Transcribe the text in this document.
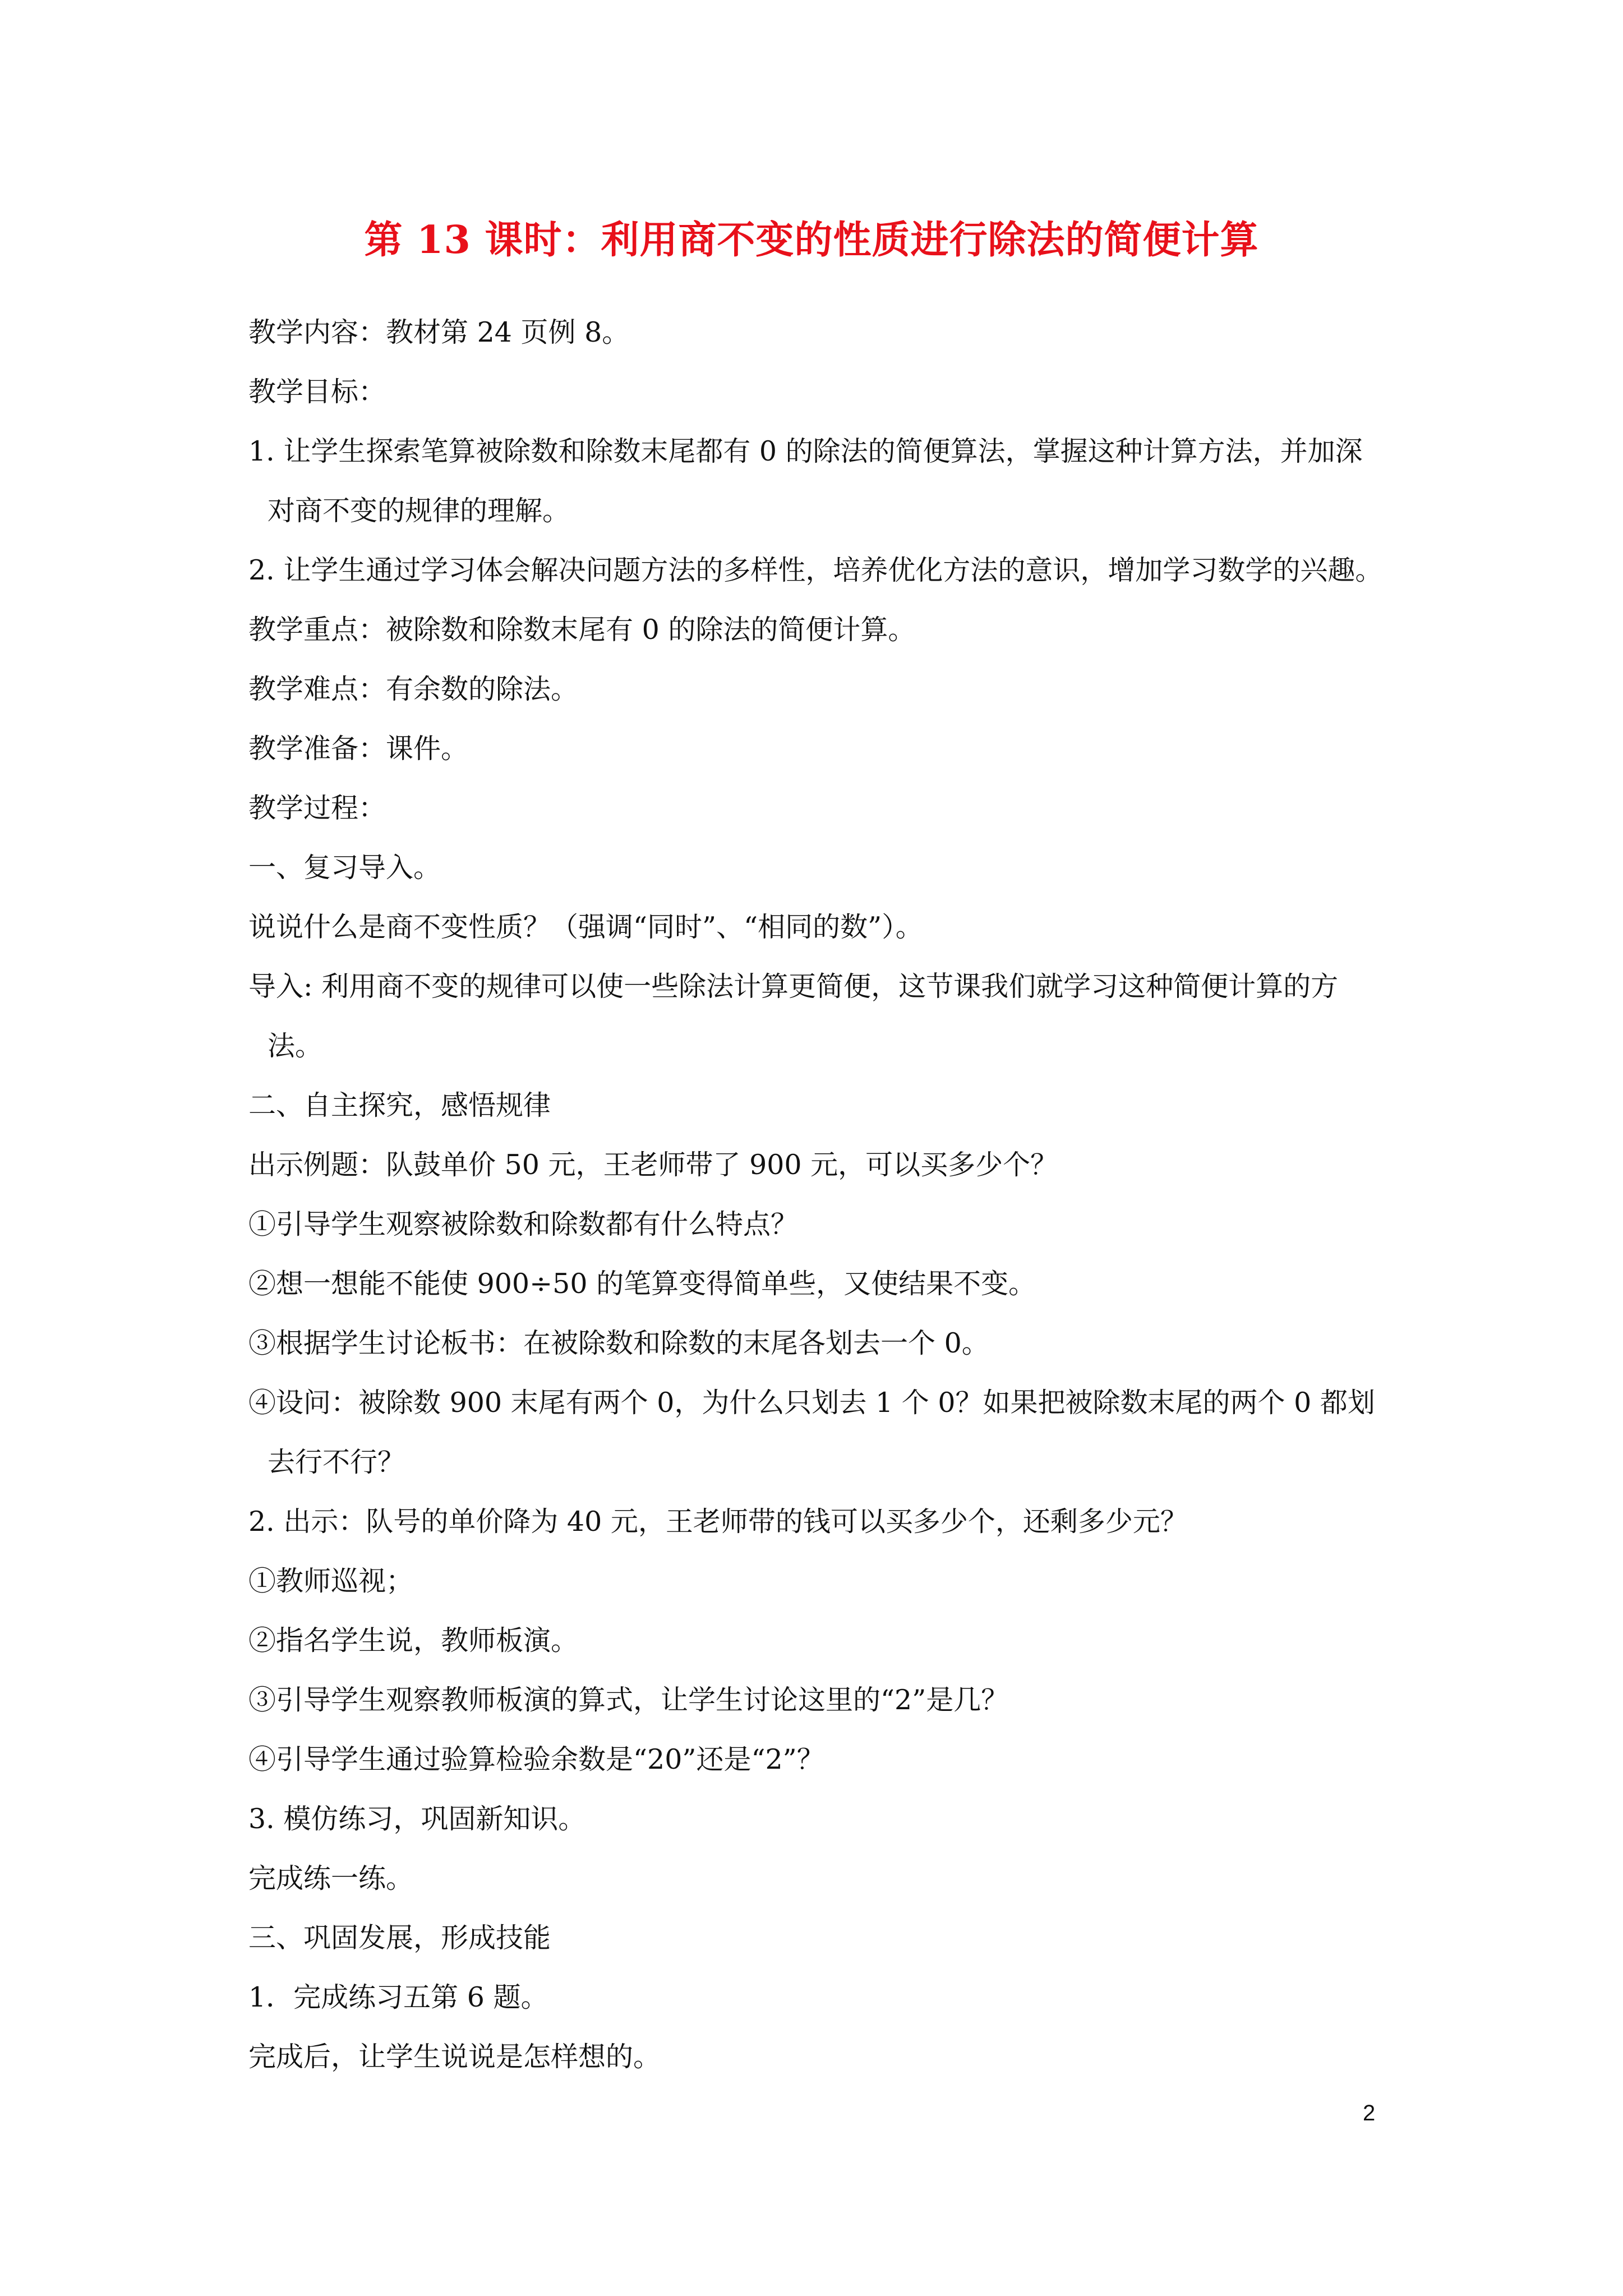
第 13 课时：利用商不变的性质进行除法的简便计算

教学内容：教材第 24 页例 8。

教学目标：

1. 让学生探索笔算被除数和除数末尾都有 0 的除法的简便算法，掌握这种计算方法，并加深

对商不变的规律的理解。

2. 让学生通过学习体会解决问题方法的多样性，培养优化方法的意识，增加学习数学的兴趣。

教学重点：被除数和除数末尾有 0 的除法的简便计算。

教学难点：有余数的除法。

教学准备：课件。

教学过程：

一、复习导入。

说说什么是商不变性质？（强调“同时”、“相同的数”）。

导入: 利用商不变的规律可以使一些除法计算更简便，这节课我们就学习这种简便计算的方

法。

二、自主探究，感悟规律

出示例题：队鼓单价 50 元，王老师带了 900 元，可以买多少个？

①引导学生观察被除数和除数都有什么特点？

②想一想能不能使 900÷50 的笔算变得简单些，又使结果不变。

③根据学生讨论板书：在被除数和除数的末尾各划去一个 0。

④设问：被除数 900 末尾有两个 0，为什么只划去 1 个 0？如果把被除数末尾的两个 0 都划

去行不行？

2. 出示：队号的单价降为 40 元，王老师带的钱可以买多少个，还剩多少元？

①教师巡视；

②指名学生说，教师板演。

③引导学生观察教师板演的算式，让学生讨论这里的“2”是几？

④引导学生通过验算检验余数是“20”还是“2”？

3. 模仿练习，巩固新知识。

完成练一练。

三、巩固发展，形成技能

1．完成练习五第 6 题。

完成后，让学生说说是怎样想的。

2
